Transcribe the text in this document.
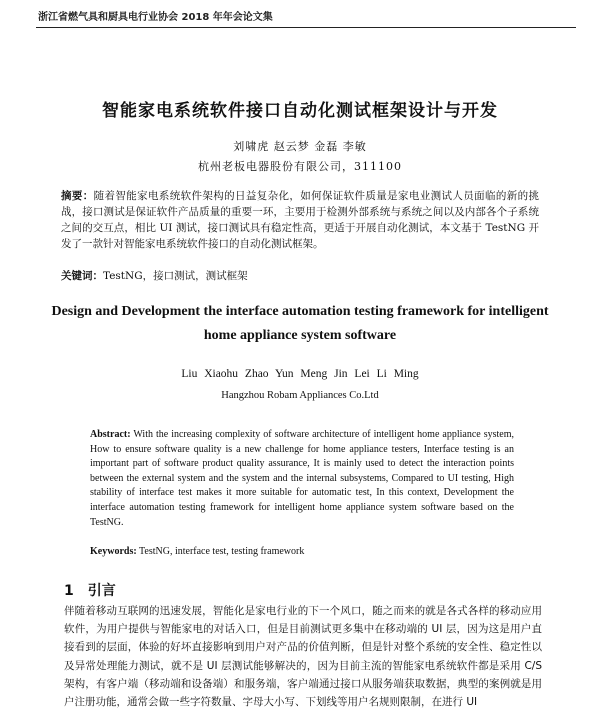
浙江省燃气具和厨具电行业协会 2018 年年会论文集
智能家电系统软件接口自动化测试框架设计与开发
刘啸虎 赵云梦 金磊 李敏
杭州老板电器股份有限公司，311100
摘要：随着智能家电系统软件架构的日益复杂化，如何保证软件质量是家电业测试人员面临的新的挑战，接口测试是保证软件产品质量的重要一环，主要用于检测外部系统与系统之间以及内部各个子系统之间的交互点，相比 UI 测试，接口测试具有稳定性高，更适于开展自动化测试，本文基于 TestNG 开发了一款针对智能家电系统软件接口的自动化测试框架。
关键词：TestNG，接口测试，测试框架
Design and Development the interface automation testing framework for intelligent home appliance system software
Liu Xiaohu Zhao Yun Meng Jin Lei Li Ming
Hangzhou Robam Appliances Co.Ltd
Abstract: With the increasing complexity of software architecture of intelligent home appliance system, How to ensure software quality is a new challenge for home appliance testers, Interface testing is an important part of software product quality assurance, It is mainly used to detect the interaction points between the external system and the system and the internal subsystems, Compared to UI testing, High stability of interface test makes it more suitable for automatic test, In this context, Development the interface automation testing framework for intelligent home appliance system software based on the TestNG.
Keywords: TestNG, interface test, testing framework
1 引言
伴随着移动互联网的迅速发展，智能化是家电行业的下一个风口，随之而来的就是各式各样的移动应用软件，为用户提供与智能家电的对话入口，但是目前测试更多集中在移动端的 UI 层，因为这是用户直接看到的层面，体验的好坏直接影响到用户对产品的价值判断，但是针对整个系统的安全性、稳定性以及异常处理能力测试，就不是 UI 层测试能够解决的，因为目前主流的智能家电系统软件都是采用 C/S 架构，有客户端（移动端和设备端）和服务端，客户端通过接口从服务端获取数据，典型的案例就是用户注册功能，通常会做一些字符数量、字母大小写、下划线等用户名规则限制，在进行 UI
